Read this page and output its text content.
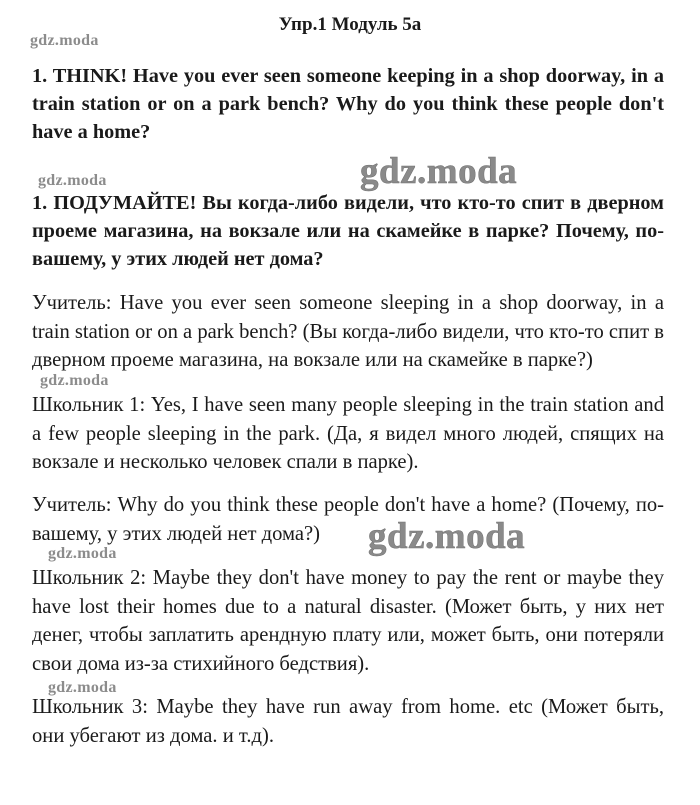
Упр.1 Модуль 5а
gdz.moda
1. THINK! Have you ever seen someone keeping in a shop doorway, in a train station or on a park bench? Why do you think these people don't have a home?
gdz.moda
gdz.moda
1. ПОДУМАЙТЕ! Вы когда-либо видели, что кто-то спит в дверном проеме магазина, на вокзале или на скамейке в парке? Почему, по-вашему, у этих людей нет дома?
Учитель: Have you ever seen someone sleeping in a shop doorway, in a train station or on a park bench? (Вы когда-либо видели, что кто-то спит в дверном проеме магазина, на вокзале или на скамейке в парке?)
gdz.moda
Школьник 1: Yes, I have seen many people sleeping in the train station and a few people sleeping in the park. (Да, я видел много людей, спящих на вокзале и несколько человек спали в парке).
Учитель: Why do you think these people don't have a home? (Почему, по-вашему, у этих людей нет дома?)	gdz.moda
gdz.moda
Школьник 2: Maybe they don't have money to pay the rent or maybe they have lost their homes due to a natural disaster. (Может быть, у них нет денег, чтобы заплатить арендную плату или, может быть, они потеряли свои дома из-за стихийного бедствия).
gdz.moda
Школьник 3: Maybe they have run away from home. etc (Может быть, они убегают из дома. и т.д).
